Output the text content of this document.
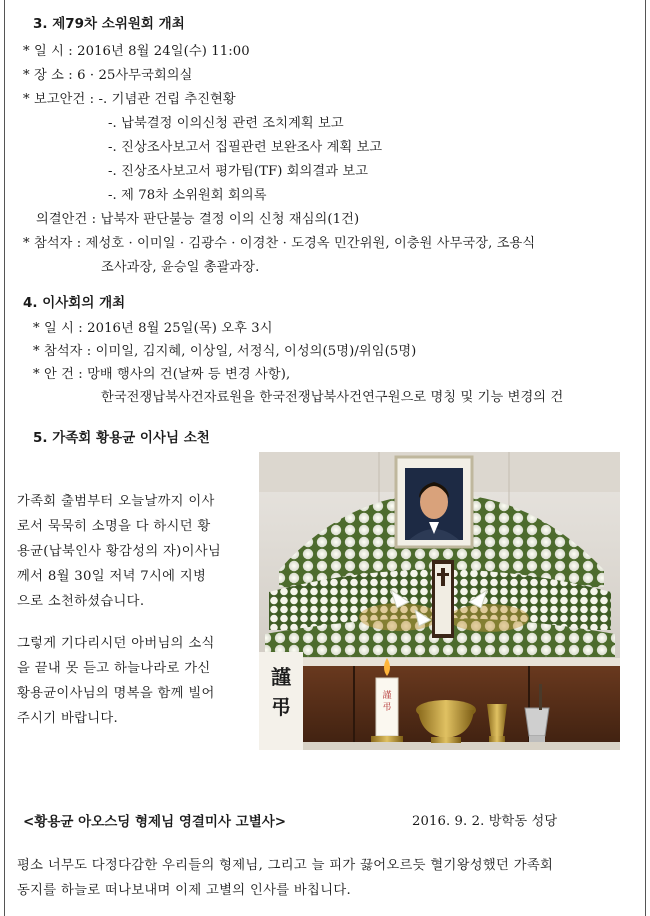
3. 제79차 소위원회 개최
* 일 시 : 2016년 8월 24일(수) 11:00
* 장 소 : 6 · 25사무국회의실
* 보고안건 : -. 기념관 건립 추진현황
-. 납북결정 이의신청 관련 조치계획 보고
-. 진상조사보고서 집필관련 보완조사 계획 보고
-. 진상조사보고서 평가팀(TF) 회의결과 보고
-. 제 78차 소위원회 회의록
의결안건 : 납북자 판단불능 결정 이의 신청 재심의(1건)
* 참석자 : 제성호 · 이미일 · 김광수 · 이경찬 · 도경옥 민간위원, 이충원 사무국장, 조용식
조사과장, 윤승일 총괄과장.
4. 이사회의 개최
* 일 시 : 2016년 8월 25일(목) 오후 3시
* 참석자 : 이미일, 김지혜, 이상일, 서정식, 이성의(5명)/위임(5명)
* 안 건 : 망배 행사의 건(날짜 등 변경 사항),
한국전쟁납북사건자료원을 한국전쟁납북사건연구원으로 명칭 및 기능 변경의 건
5. 가족회 황용균 이사님 소천
가족회 출범부터 오늘날까지 이사
로서 묵묵히 소명을 다 하시던 황
용균(납북인사 황감성의 자)이사님
께서 8월 30일 저녁 7시에 지병
으로 소천하셨습니다.
그렇게 기다리시던 아버님의 소식
을 끝내 못 듣고 하늘나라로 가신
황용균이사님의 명복을 함께 빌어
주시기 바랍니다.
謹
弔	謹
弔
<황용균 아오스딩 형제님 영결미사 고별사>	2016. 9. 2. 방학동 성당
평소 너무도 다정다감한 우리들의 형제님, 그리고 늘 피가 끓어오르듯 혈기왕성했던 가족회
동지를 하늘로 떠나보내며 이제 고별의 인사를 바칩니다.
